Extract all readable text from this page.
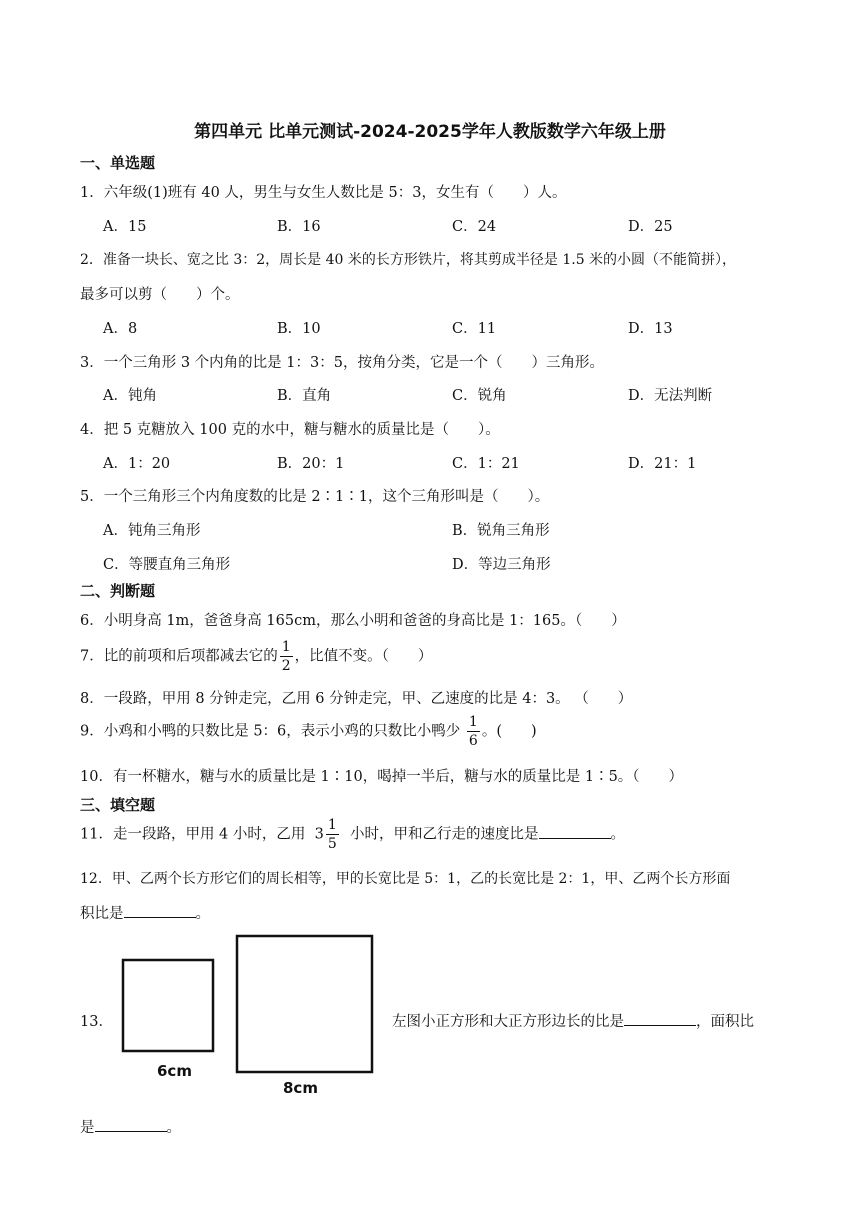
第四单元 比单元测试-2024-2025学年人教版数学六年级上册
一、单选题
1．六年级(1)班有 40 人，男生与女生人数比是 5：3，女生有（　　）人。
A．15	B．16	C．24	D．25
2．准备一块长、宽之比 3：2，周长是 40 米的长方形铁片，将其剪成半径是 1.5 米的小圆（不能简拼），
最多可以剪（　　）个。
A．8	B．10	C．11	D．13
3．一个三角形 3 个内角的比是 1：3：5，按角分类，它是一个（　　）三角形。
A．钝角	B．直角	C．锐角	D．无法判断
4．把 5 克糖放入 100 克的水中，糖与糖水的质量比是（　　）。
A．1：20	B．20：1	C．1：21	D．21：1
5．一个三角形三个内角度数的比是 2∶1∶1，这个三角形叫是（　　）。
A．钝角三角形	B．锐角三角形
C．等腰直角三角形	D．等边三角形
二、判断题
6．小明身高 1m，爸爸身高 165cm，那么小明和爸爸的身高比是 1：165。（　　）
7．比的前项和后项都减去它的 $\frac{1}{2}$ ，比值不变。（　　）
8．一段路，甲用 8 分钟走完，乙用 6 分钟走完，甲、乙速度的比是 4：3。 （　　）
9．小鸡和小鸭的只数比是 5：6，表示小鸡的只数比小鸭少 $\frac{1}{6}$ 。(　　)
10．有一杯糖水，糖与水的质量比是 1∶10，喝掉一半后，糖与水的质量比是 1∶5。（　　）
三、填空题
11．走一段路，甲用 4 小时，乙用 $3 \frac{1}{5}$ 小时，甲和乙行走的速度比是	。
12．甲、乙两个长方形它们的周长相等，甲的长宽比是 5：1，乙的长宽比是 2：1，甲、乙两个长方形面
积比是	。
13．
6cm
8cm
左图小正方形和大正方形边长的比是	，面积比
是	。
